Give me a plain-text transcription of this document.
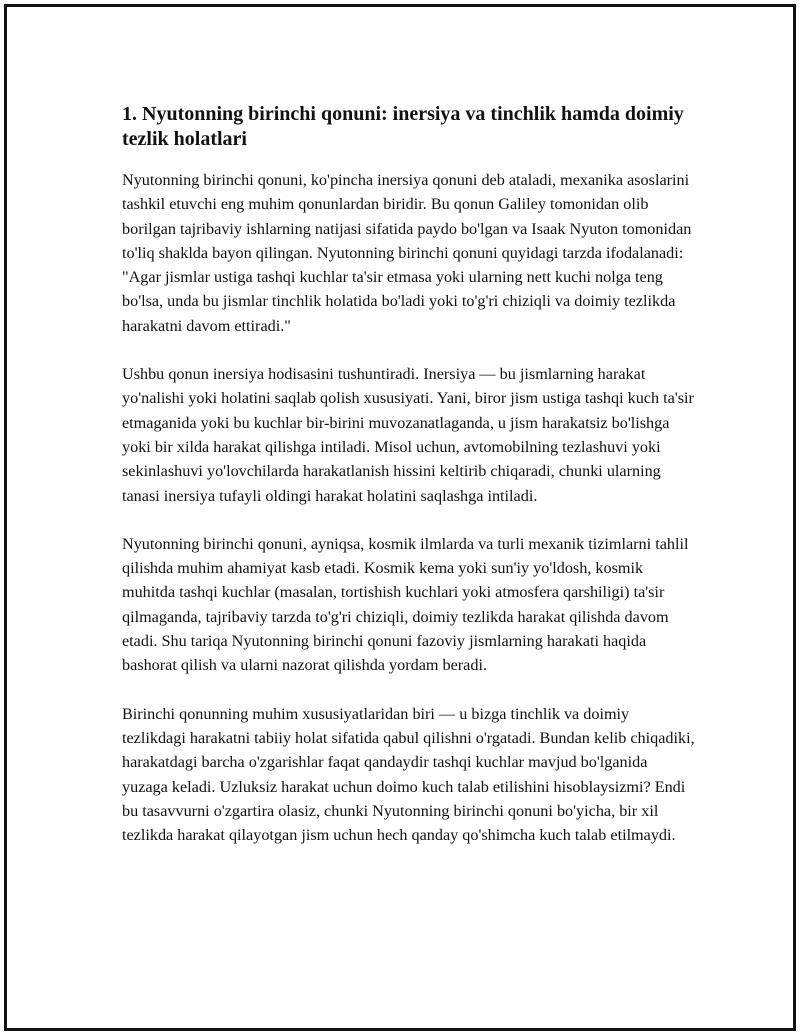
1. Nyutonning birinchi qonuni: inersiya va tinchlik hamda doimiy tezlik holatlari

Nyutonning birinchi qonuni, ko'pincha inersiya qonuni deb ataladi, mexanika asoslarini tashkil etuvchi eng muhim qonunlardan biridir. Bu qonun Galiley tomonidan olib borilgan tajribaviy ishlarning natijasi sifatida paydo bo'lgan va Isaak Nyuton tomonidan to'liq shaklda bayon qilingan. Nyutonning birinchi qonuni quyidagi tarzda ifodalanadi: "Agar jismlar ustiga tashqi kuchlar ta'sir etmasa yoki ularning nett kuchi nolga teng bo'lsa, unda bu jismlar tinchlik holatida bo'ladi yoki to'g'ri chiziqli va doimiy tezlikda harakatni davom ettiradi."

Ushbu qonun inersiya hodisasini tushuntiradi. Inersiya — bu jismlarning harakat yo'nalishi yoki holatini saqlab qolish xususiyati. Yani, biror jism ustiga tashqi kuch ta'sir etmaganida yoki bu kuchlar bir-birini muvozanatlaganda, u jism harakatsiz bo'lishga yoki bir xilda harakat qilishga intiladi. Misol uchun, avtomobilning tezlashuvi yoki sekinlashuvi yo'lovchilarda harakatlanish hissini keltirib chiqaradi, chunki ularning tanasi inersiya tufayli oldingi harakat holatini saqlashga intiladi.

Nyutonning birinchi qonuni, ayniqsa, kosmik ilmlarda va turli mexanik tizimlarni tahlil qilishda muhim ahamiyat kasb etadi. Kosmik kema yoki sun'iy yo'ldosh, kosmik muhitda tashqi kuchlar (masalan, tortishish kuchlari yoki atmosfera qarshiligi) ta'sir qilmaganda, tajribaviy tarzda to'g'ri chiziqli, doimiy tezlikda harakat qilishda davom etadi. Shu tariqa Nyutonning birinchi qonuni fazoviy jismlarning harakati haqida bashorat qilish va ularni nazorat qilishda yordam beradi.

Birinchi qonunning muhim xususiyatlaridan biri — u bizga tinchlik va doimiy tezlikdagi harakatni tabiiy holat sifatida qabul qilishni o'rgatadi. Bundan kelib chiqadiki, harakatdagi barcha o'zgarishlar faqat qandaydir tashqi kuchlar mavjud bo'lganida yuzaga keladi. Uzluksiz harakat uchun doimo kuch talab etilishini hisoblaysizmi? Endi bu tasavvurni o'zgartira olasiz, chunki Nyutonning birinchi qonuni bo'yicha, bir xil tezlikda harakat qilayotgan jism uchun hech qanday qo'shimcha kuch talab etilmaydi.
